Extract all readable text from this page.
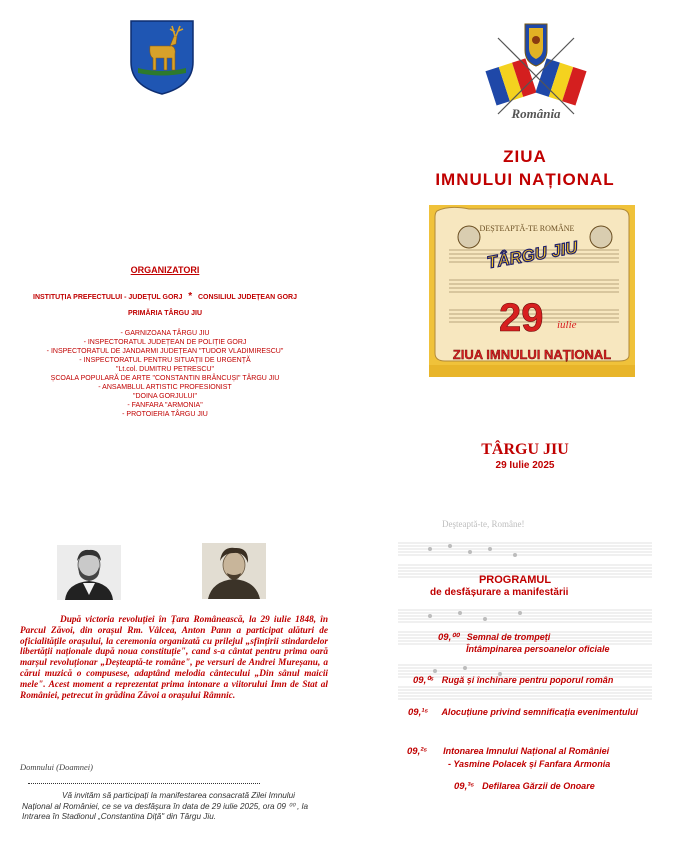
ORGANIZATORI
INSTITUȚIA PREFECTULUI - JUDEȚUL GORJ * CONSILIUL JUDEȚEAN GORJ
PRIMĂRIA TÂRGU JIU
- GARNIZOANA TÂRGU JIU
- INSPECTORATUL JUDEȚEAN DE POLIȚIE GORJ
- INSPECTORATUL DE JANDARMI JUDEȚEAN "TUDOR VLADIMIRESCU"
- INSPECTORATUL PENTRU SITUAȚII DE URGENȚĂ
"Lt.col. DUMITRU PETRESCU"
ȘCOALA POPULARĂ DE ARTE "CONSTANTIN BRÂNCUȘI" TÂRGU JIU
- ANSAMBLUL ARTISTIC PROFESIONIST
"DOINA GORJULUI"
- FANFARA "ARMONIA"
- PROTOIERIA TÂRGU JIU
După victoria revoluției în Țara Românească, la 29 iulie 1848, în Parcul Zăvoi, din orașul Rm. Vâlcea, Anton Pann a participat alături de oficialitățile orașului, la ceremonia organizată cu prilejul „sfințirii stindardelor libertății naționale după noua constituție", cand s-a cântat pentru prima oară marșul revoluționar „Deșteaptă-te române", pe versuri de Andrei Mureșanu, a cărui muzică o compusese, adaptând melodia cântecului „Din sânul maicii mele". Acest moment a reprezentat prima intonare a viitorului Imn de Stat al României, petrecut în grădina Zăvoi a orașului Râmnic.
Domnului (Doamnei)
Vă invităm să participați la manifestarea consacrată Zilei Imnului Național al României, ce se va desfășura în data de 29 iulie 2025, ora 09 ⁰⁰ , la Intrarea în Stadionul „Constantina Diță" din Târgu Jiu.
România
ZIUA
IMNULUI NAȚIONAL
DEȘTEAPTĂ-TE ROMÂNE
TÂRGU JIU
29 iulie
ZIUA IMNULUI NAȚIONAL
TÂRGU JIU
29 Iulie 2025
Deşteaptă-te, Române!
PROGRAMUL
de desfășurare a manifestării
09,⁰⁰ Semnal de trompeți
Întâmpinarea persoanelor oficiale
09,⁰⁵ Rugă și închinare pentru poporul român
09,¹⁵ Alocuțiune privind semnificația evenimentului
09,²⁵ Intonarea Imnului Național al României
- Yasmine Polacek și Fanfara Armonia
09,³⁵ Defilarea Gărzii de Onoare
